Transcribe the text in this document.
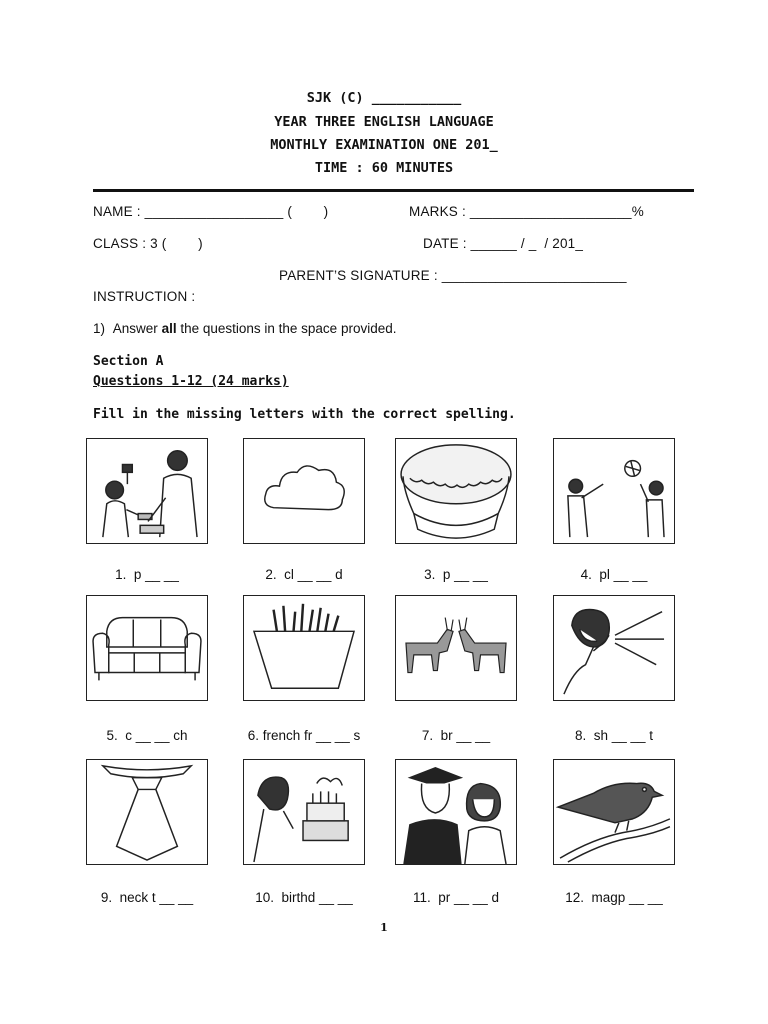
SJK (C) ___________
YEAR THREE ENGLISH LANGUAGE
MONTHLY EXAMINATION ONE 201_
TIME : 60 MINUTES
NAME : __________________ (        )	MARKS : _____________________%
CLASS : 3 (        )	DATE : ______ / _  / 201_
PARENT’S SIGNATURE : ________________________
INSTRUCTION :
1) Answer all the questions in the space provided.
Section A
Questions 1-12 (24 marks)
Fill in the missing letters with the correct spelling.
1.  p __ __	2.  cl __ __ d	3.  p __ __	4.  pl __ __
5.  c __ __ ch	6. french fr __ __ s	7.  br __ __	8.  sh __ __ t
9.  neck t __ __	10.  birthd __ __	11.  pr __ __ d	12.  magp __ __
1
